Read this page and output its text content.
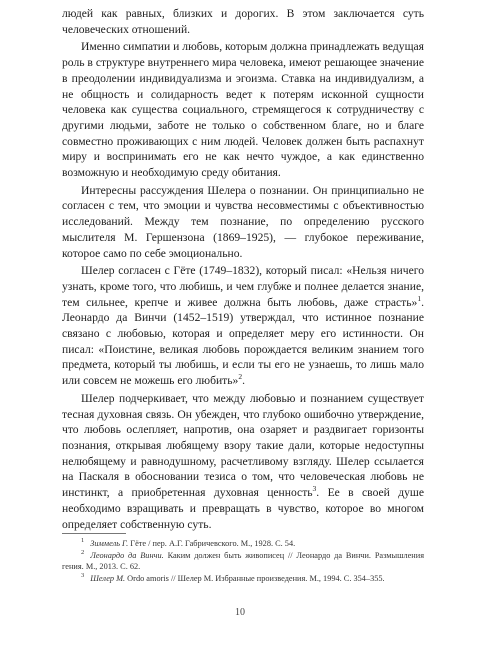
людей как равных, близких и дорогих. В этом заключается суть человеческих отношений.

Именно симпатии и любовь, которым должна принадлежать ведущая роль в структуре внутреннего мира человека, имеют решающее значение в преодолении индивидуализма и эгоизма. Ставка на индивидуализм, а не общность и солидарность ведет к потерям исконной сущности человека как существа социального, стремящегося к сотрудничеству с другими людьми, заботе не только о собственном благе, но и благе совместно проживающих с ним людей. Человек должен быть распахнут миру и воспринимать его не как нечто чуждое, а как единственно возможную и необходимую среду обитания.

Интересны рассуждения Шелера о познании. Он принципиально не согласен с тем, что эмоции и чувства несовместимы с объективностью исследований. Между тем познание, по определению русского мыслителя М. Гершензона (1869–1925), — глубокое переживание, которое само по себе эмоционально.

Шелер согласен с Гёте (1749–1832), который писал: «Нельзя ничего узнать, кроме того, что любишь, и чем глубже и полнее делается знание, тем сильнее, крепче и живее должна быть любовь, даже страсть»$^1$. Леонардо да Винчи (1452–1519) утверждал, что истинное познание связано с любовью, которая и определяет меру его истинности. Он писал: «Поистине, великая любовь порождается великим знанием того предмета, который ты любишь, и если ты его не узнаешь, то лишь мало или совсем не можешь его любить»$^2$.

Шелер подчеркивает, что между любовью и познанием существует тесная духовная связь. Он убежден, что глубоко ошибочно утверждение, что любовь ослепляет, напротив, она озаряет и раздвигает горизонты познания, открывая любящему взору такие дали, которые недоступны нелюбящему и равнодушному, расчетливому взгляду. Шелер ссылается на Паскаля в обосновании тезиса о том, что человеческая любовь не инстинкт, а приобретенная духовная ценность$^3$. Ее в своей душе необходимо взращивать и превращать в чувство, которое во многом определяет собственную суть.

$^1$ Зиммель Г. Гёте / пер. А.Г. Габричевского. М., 1928. С. 54.

$^2$ Леонардо да Винчи. Каким должен быть живописец // Леонардо да Винчи. Размышления гения. М., 2013. С. 62.

$^3$ Шелер М. Ordo amoris // Шелер М. Избранные произведения. М., 1994. С. 354–355.

10
